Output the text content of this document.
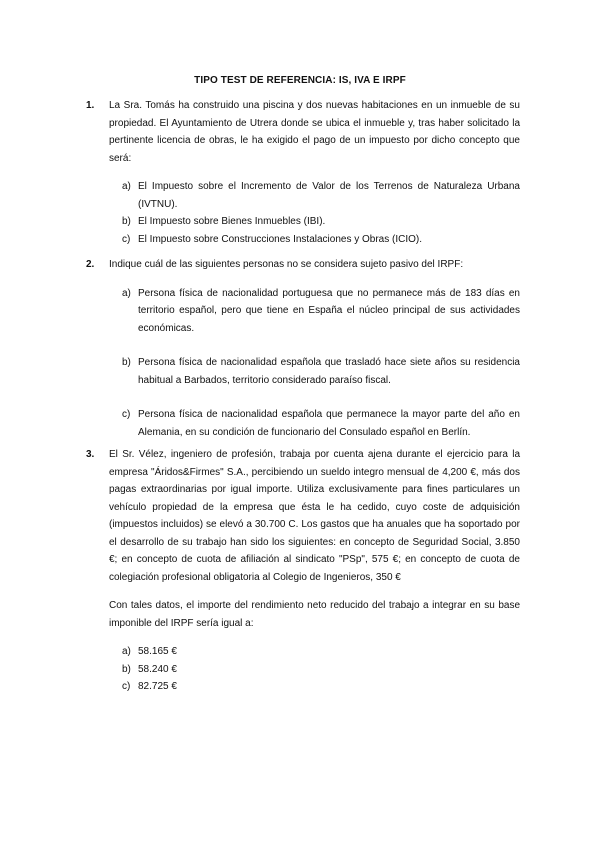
TIPO TEST DE REFERENCIA: IS, IVA E IRPF
1. La Sra. Tomás ha construido una piscina y dos nuevas habitaciones en un inmueble de su propiedad. El Ayuntamiento de Utrera donde se ubica el inmueble y, tras haber solicitado la pertinente licencia de obras, le ha exigido el pago de un impuesto por dicho concepto que será:
a) El Impuesto sobre el Incremento de Valor de los Terrenos de Naturaleza Urbana (IVTNU).
b) El Impuesto sobre Bienes Inmuebles (IBI).
c) El Impuesto sobre Construcciones Instalaciones y Obras (ICIO).
2. Indique cuál de las siguientes personas no se considera sujeto pasivo del IRPF:
a) Persona física de nacionalidad portuguesa que no permanece más de 183 días en territorio español, pero que tiene en España el núcleo principal de sus actividades económicas.
b) Persona física de nacionalidad española que trasladó hace siete años su residencia habitual a Barbados, territorio considerado paraíso fiscal.
c) Persona física de nacionalidad española que permanece la mayor parte del año en Alemania, en su condición de funcionario del Consulado español en Berlín.
3. El Sr. Vélez, ingeniero de profesión, trabaja por cuenta ajena durante el ejercicio para la empresa "Áridos&Firmes" S.A., percibiendo un sueldo integro mensual de 4,200 €, más dos pagas extraordinarias por igual importe. Utiliza exclusivamente para fines particulares un vehículo propiedad de la empresa que ésta le ha cedido, cuyo coste de adquisición (impuestos incluidos) se elevó a 30.700 C. Los gastos que ha anuales que ha soportado por el desarrollo de su trabajo han sido los siguientes: en concepto de Seguridad Social, 3.850 €; en concepto de cuota de afiliación al sindicato "PSp", 575 €; en concepto de cuota de colegiación profesional obligatoria al Colegio de Ingenieros, 350 €
Con tales datos, el importe del rendimiento neto reducido del trabajo a integrar en su base imponible del IRPF sería igual a:
a) 58.165 €
b) 58.240 €
c) 82.725 €
